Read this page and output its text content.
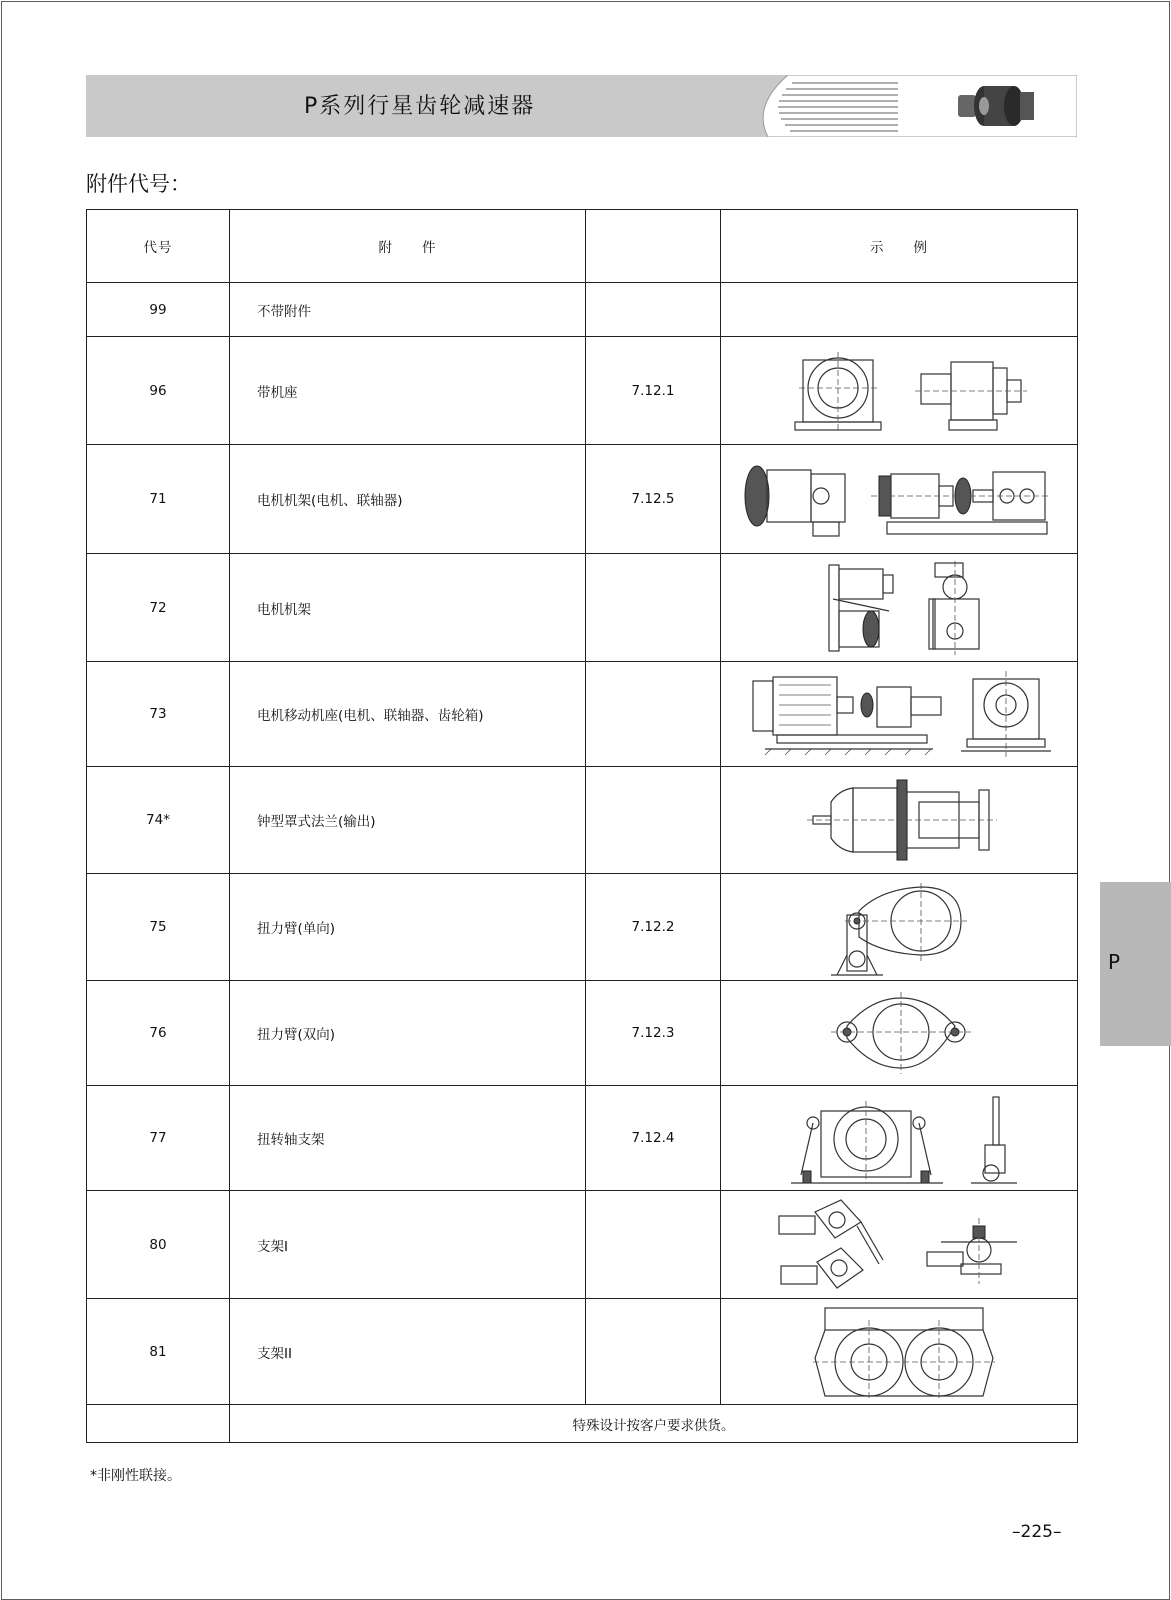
P系列行星齿轮减速器
附件代号：
代号	附　　件		示　　例
99	不带附件		
96	带机座	7.12.1	

71	电机机架(电机、联轴器)	7.12.5	

72	电机机架		

73	电机移动机座(电机、联轴器、齿轮箱)		

74*	钟型罩式法兰(输出)		

75	扭力臂(单向)	7.12.2	

76	扭力臂(双向)	7.12.3	

77	扭转轴支架	7.12.4	

80	支架I		

81	支架II		

	特殊设计按客户要求供货。		
*非刚性联接。
–225–
P
